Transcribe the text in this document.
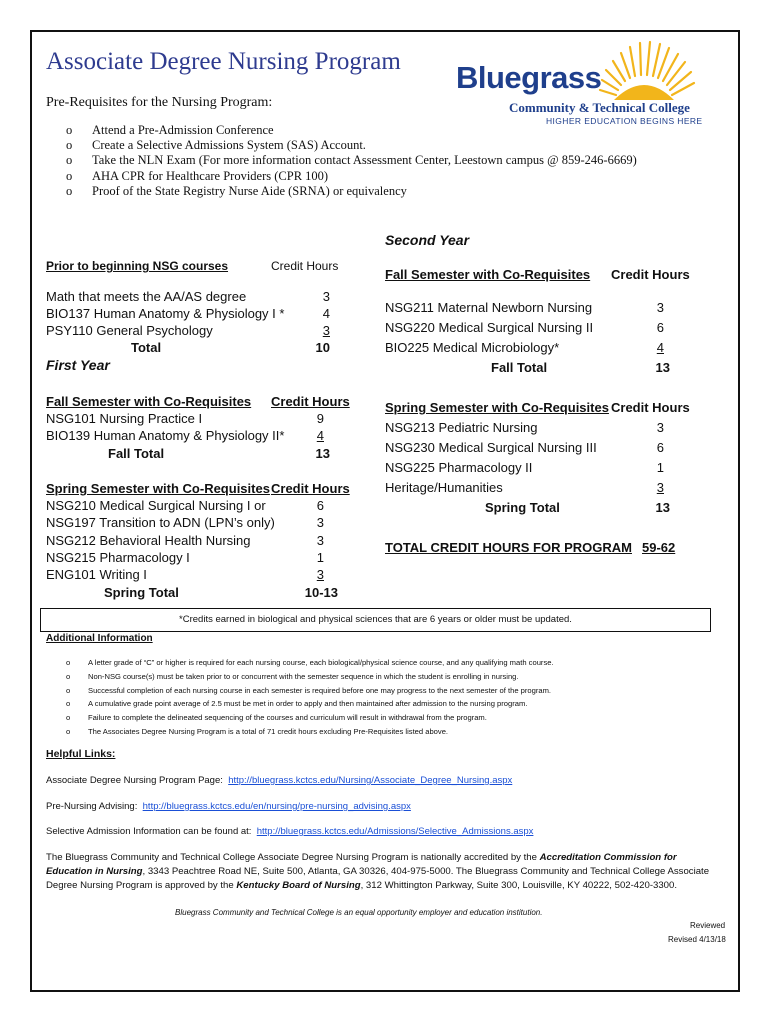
Associate Degree Nursing Program
Pre-Requisites for the Nursing Program:
o Attend a Pre-Admission Conference
o Create a Selective Admissions System (SAS) Account.
o Take the NLN Exam (For more information contact Assessment Center, Leestown campus @ 859-246-6669)
o AHA CPR for Healthcare Providers (CPR 100)
o Proof of the State Registry Nurse Aide (SRNA) or equivalency
Bluegrass
Community & Technical College
HIGHER EDUCATION BEGINS HERE
Prior to beginning NSG courses	Credit Hours
Math that meets the AA/AS degree	3
BIO137 Human Anatomy & Physiology I *	4
PSY110 General Psychology	3
Total	10
First Year
Fall Semester with Co-Requisites Credit Hours
NSG101 Nursing Practice I	9
BIO139 Human Anatomy & Physiology II*	4
Fall Total	13
Spring Semester with Co-Requisites Credit Hours
NSG210 Medical Surgical Nursing I or	6
NSG197 Transition to ADN (LPN’s only)	3
NSG212 Behavioral Health Nursing	3
NSG215 Pharmacology I	1
ENG101 Writing I	3
Spring Total	10-13
Second Year
Fall Semester with Co-Requisites Credit Hours
NSG211 Maternal Newborn Nursing	3
NSG220 Medical Surgical Nursing II	6
BIO225 Medical Microbiology*	4
Fall Total	13
Spring Semester with Co-Requisites Credit Hours
NSG213 Pediatric Nursing	3
NSG230 Medical Surgical Nursing III	6
NSG225 Pharmacology II	1
Heritage/Humanities	3
Spring Total	13
TOTAL CREDIT HOURS FOR PROGRAM 59-62
*Credits earned in biological and physical sciences that are 6 years or older must be updated.
Additional Information
o A letter grade of “C” or higher is required for each nursing course, each biological/physical science course, and any qualifying math course.
o Non-NSG course(s) must be taken prior to or concurrent with the semester sequence in which the student is enrolling in nursing.
o Successful completion of each nursing course in each semester is required before one may progress to the next semester of the program.
o A cumulative grade point average of 2.5 must be met in order to apply and then maintained after admission to the nursing program.
o Failure to complete the delineated sequencing of the courses and curriculum will result in withdrawal from the program.
o The Associates Degree Nursing Program is a total of 71 credit hours excluding Pre-Requisites listed above.
Helpful Links:
Associate Degree Nursing Program Page: http://bluegrass.kctcs.edu/Nursing/Associate_Degree_Nursing.aspx
Pre-Nursing Advising: http://bluegrass.kctcs.edu/en/nursing/pre-nursing_advising.aspx
Selective Admission Information can be found at: http://bluegrass.kctcs.edu/Admissions/Selective_Admissions.aspx
The Bluegrass Community and Technical College Associate Degree Nursing Program is nationally accredited by the Accreditation Commission for Education in Nursing, 3343 Peachtree Road NE, Suite 500, Atlanta, GA 30326, 404-975-5000. The Bluegrass Community and Technical College Associate Degree Nursing Program is approved by the Kentucky Board of Nursing, 312 Whittington Parkway, Suite 300, Louisville, KY 40222, 502-420-3300.
Bluegrass Community and Technical College is an equal opportunity employer and education institution.
Reviewed
Revised 4/13/18
